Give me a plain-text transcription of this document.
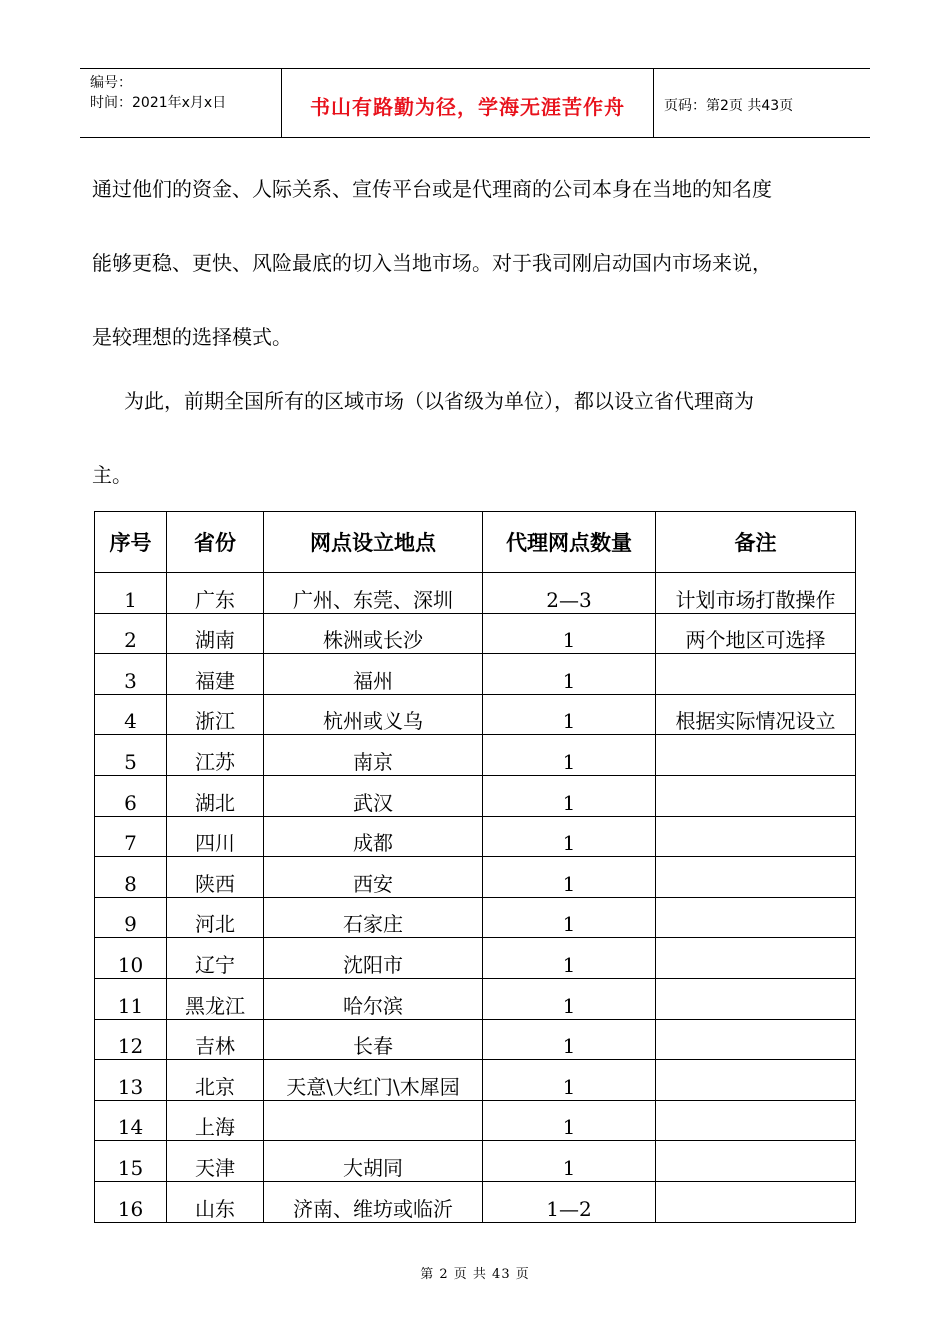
编号：
时间：2021年x月x日	书山有路勤为径，学海无涯苦作舟	页码：第2页 共43页
通过他们的资金、人际关系、宣传平台或是代理商的公司本身在当地的知名度
能够更稳、更快、风险最底的切入当地市场。对于我司刚启动国内市场来说，
是较理想的选择模式。
为此，前期全国所有的区域市场（以省级为单位），都以设立省代理商为
主。
序号	省份	网点设立地点	代理网点数量	备注
1	广东	广州、东莞、深圳	2—3	计划市场打散操作
2	湖南	株洲或长沙	1	两个地区可选择
3	福建	福州	1	
4	浙江	杭州或义乌	1	根据实际情况设立
5	江苏	南京	1	
6	湖北	武汉	1	
7	四川	成都	1	
8	陕西	西安	1	
9	河北	石家庄	1	
10	辽宁	沈阳市	1	
11	黑龙江	哈尔滨	1	
12	吉林	长春	1	
13	北京	天意\大红门\木犀园	1	
14	上海		1	
15	天津	大胡同	1	
16	山东	济南、维坊或临沂	1—2	
第 2 页 共 43 页
